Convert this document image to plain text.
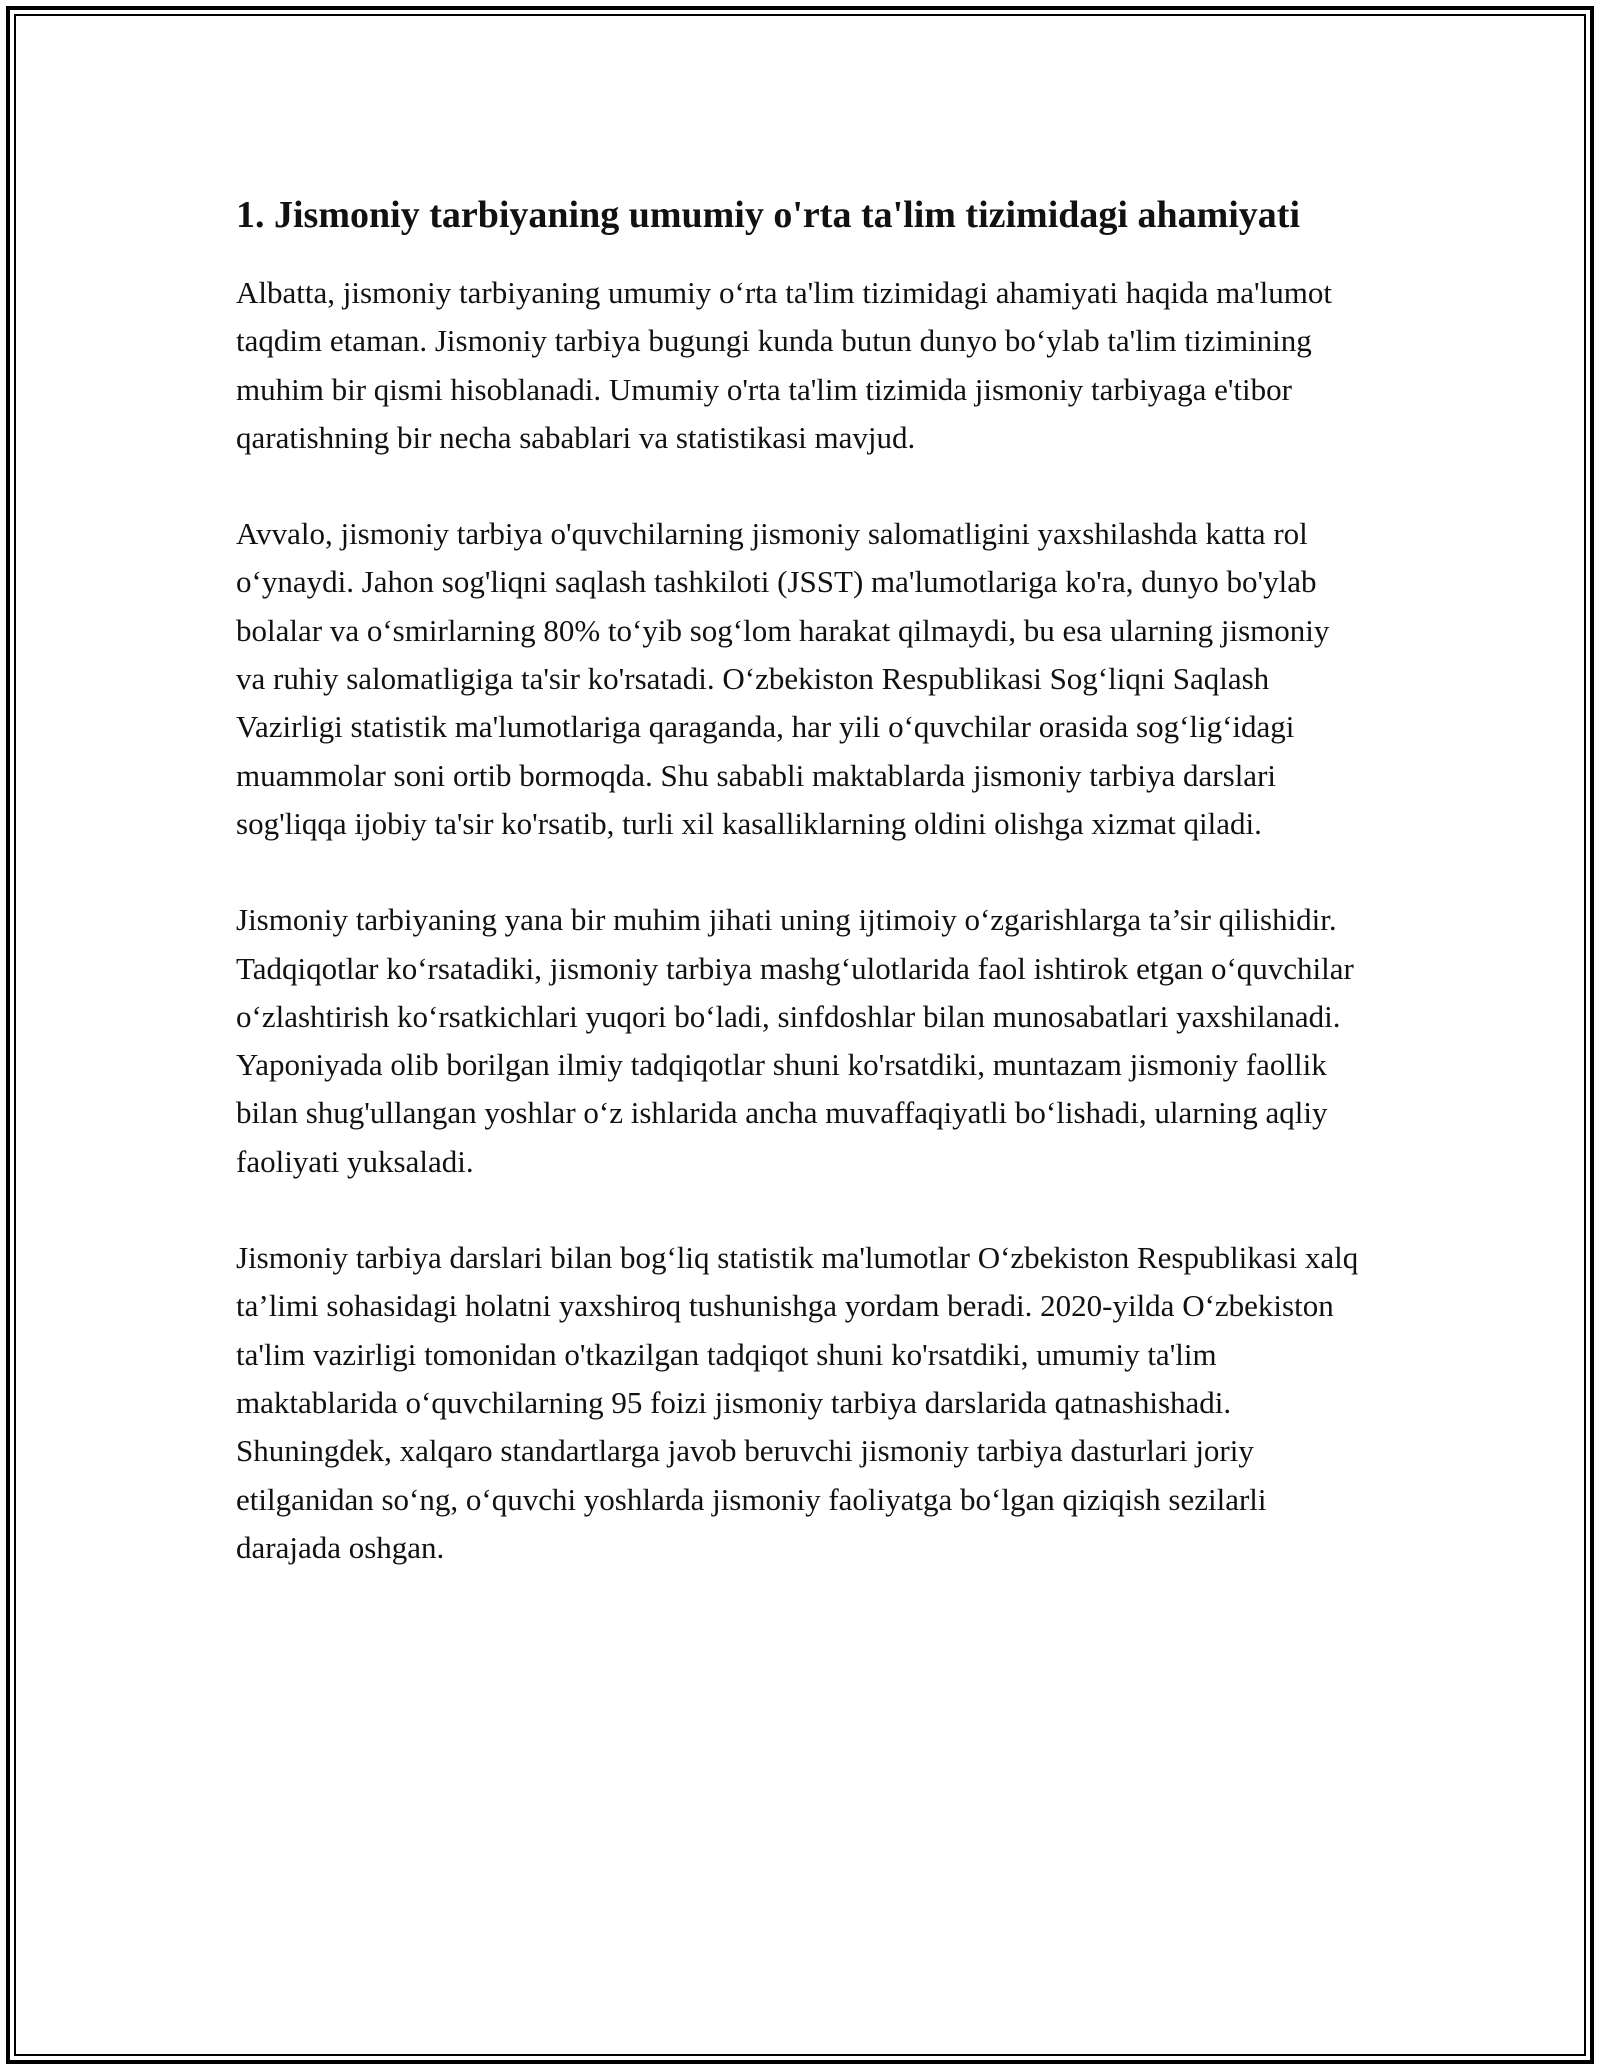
1. Jismoniy tarbiyaning umumiy o'rta ta'lim tizimidagi ahamiyati

Albatta, jismoniy tarbiyaning umumiy o‘rta ta'lim tizimidagi ahamiyati haqida ma'lumot taqdim etaman. Jismoniy tarbiya bugungi kunda butun dunyo bo‘ylab ta'lim tizimining muhim bir qismi hisoblanadi. Umumiy o'rta ta'lim tizimida jismoniy tarbiyaga e'tibor qaratishning bir necha sabablari va statistikasi mavjud.

Avvalo, jismoniy tarbiya o'quvchilarning jismoniy salomatligini yaxshilashda katta rol o‘ynaydi. Jahon sog'liqni saqlash tashkiloti (JSST) ma'lumotlariga ko'ra, dunyo bo'ylab bolalar va o‘smirlarning 80% to‘yib sog‘lom harakat qilmaydi, bu esa ularning jismoniy va ruhiy salomatligiga ta'sir ko'rsatadi. O‘zbekiston Respublikasi Sog‘liqni Saqlash Vazirligi statistik ma'lumotlariga qaraganda, har yili o‘quvchilar orasida sog‘lig‘idagi muammolar soni ortib bormoqda. Shu sababli maktablarda jismoniy tarbiya darslari sog'liqqa ijobiy ta'sir ko'rsatib, turli xil kasalliklarning oldini olishga xizmat qiladi.

Jismoniy tarbiyaning yana bir muhim jihati uning ijtimoiy o‘zgarishlarga ta’sir qilishidir. Tadqiqotlar ko‘rsatadiki, jismoniy tarbiya mashg‘ulotlarida faol ishtirok etgan o‘quvchilar o‘zlashtirish ko‘rsatkichlari yuqori bo‘ladi, sinfdoshlar bilan munosabatlari yaxshilanadi. Yaponiyada olib borilgan ilmiy tadqiqotlar shuni ko'rsatdiki, muntazam jismoniy faollik bilan shug'ullangan yoshlar o‘z ishlarida ancha muvaffaqiyatli bo‘lishadi, ularning aqliy faoliyati yuksaladi.

Jismoniy tarbiya darslari bilan bog‘liq statistik ma'lumotlar O‘zbekiston Respublikasi xalq ta’limi sohasidagi holatni yaxshiroq tushunishga yordam beradi. 2020-yilda O‘zbekiston ta'lim vazirligi tomonidan o'tkazilgan tadqiqot shuni ko'rsatdiki, umumiy ta'lim maktablarida o‘quvchilarning 95 foizi jismoniy tarbiya darslarida qatnashishadi. Shuningdek, xalqaro standartlarga javob beruvchi jismoniy tarbiya dasturlari joriy etilganidan so‘ng, o‘quvchi yoshlarda jismoniy faoliyatga bo‘lgan qiziqish sezilarli darajada oshgan.
